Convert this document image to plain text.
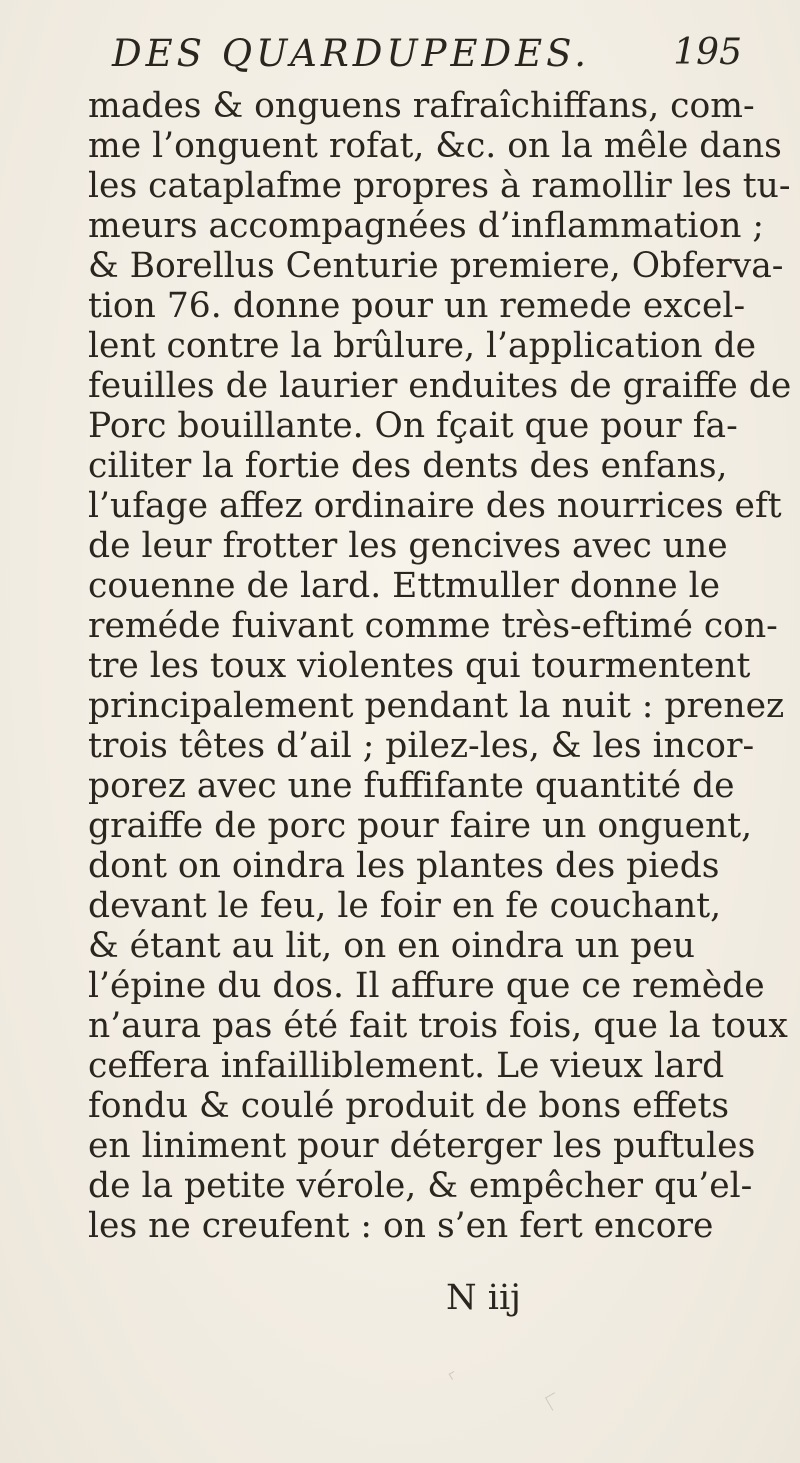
DES QUARDUPEDES. 195
mades & onguens rafraîchiffans, com-
me l’onguent rofat, &c. on la mêle dans
les cataplafme propres à ramollir les tu-
meurs accompagnées d’inflammation ;
& Borellus Centurie premiere, Obferva-
tion 76. donne pour un remede excel-
lent contre la brûlure, l’application de
feuilles de laurier enduites de graiffe de
Porc bouillante. On fçait que pour fa-
ciliter la fortie des dents des enfans,
l’ufage affez ordinaire des nourrices eft
de leur frotter les gencives avec une
couenne de lard. Ettmuller donne le
reméde fuivant comme très-eftimé con-
tre les toux violentes qui tourmentent
principalement pendant la nuit : prenez
trois têtes d’ail ; pilez-les, & les incor-
porez avec une fuffifante quantité de
graiffe de porc pour faire un onguent,
dont on oindra les plantes des pieds
devant le feu, le foir en fe couchant,
& étant au lit, on en oindra un peu
l’épine du dos. Il affure que ce remède
n’aura pas été fait trois fois, que la toux
ceffera infailliblement. Le vieux lard
fondu & coulé produit de bons effets
en liniment pour déterger les puftules
de la petite vérole, & empêcher qu’el-
les ne creufent : on s’en fert encore
N iij
